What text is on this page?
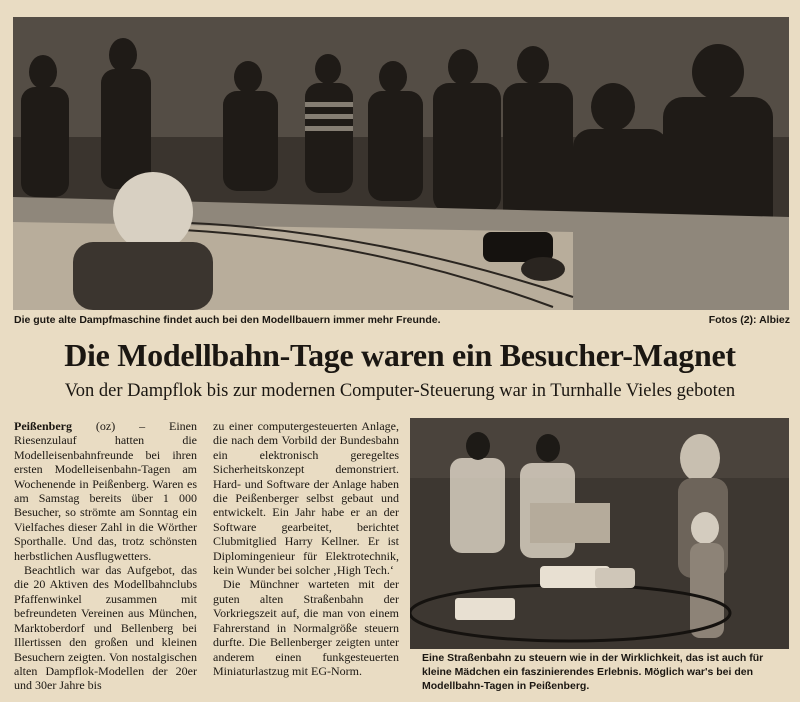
Die gute alte Dampfmaschine findet auch bei den Modellbauern immer mehr Freunde.	Fotos (2): Albiez
Die Modellbahn-Tage waren ein Besucher-Magnet
Von der Dampflok bis zur modernen Computer-Steuerung war in Turnhalle Vieles geboten

Peißenberg (oz) – Einen Riesenzulauf hatten die Modelleisenbahnfreunde bei ihren ersten Modelleisenbahn-Tagen am Wochenende in Peißenberg. Waren es am Samstag bereits über 1 000 Besucher, so strömte am Sonntag ein Vielfaches dieser Zahl in die Wörther Sporthalle. Und das, trotz schönsten herbstlichen Ausflugwetters.

Beachtlich war das Aufgebot, das die 20 Aktiven des Modellbahnclubs Pfaffenwinkel zusammen mit befreundeten Vereinen aus München, Marktoberdorf und Bellenberg bei Illertissen den großen und kleinen Besuchern zeigten. Von nostalgischen alten Dampflok-Modellen der 20er und 30er Jahre bis

zu einer computergesteuerten Anlage, die nach dem Vorbild der Bundesbahn ein elektronisch geregeltes Sicherheitskonzept demonstriert. Hard- und Software der Anlage haben die Peißenberger selbst gebaut und entwickelt. Ein Jahr habe er an der Software gearbeitet, berichtet Clubmitglied Harry Kellner. Er ist Diplomingenieur für Elektrotechnik, kein Wunder bei solcher ‚High Tech.‘

Die Münchner warteten mit der guten alten Straßenbahn der Vorkriegszeit auf, die man von einem Fahrerstand in Normalgröße steuern durfte. Die Bellenberger zeigten unter anderem einen funkgesteuerten Miniaturlastzug mit EG-Norm.

Eine Straßenbahn zu steuern wie in der Wirklichkeit, das ist auch für kleine Mädchen ein faszinierendes Erlebnis. Möglich war's bei den Modellbahn-Tagen in Peißenberg.
